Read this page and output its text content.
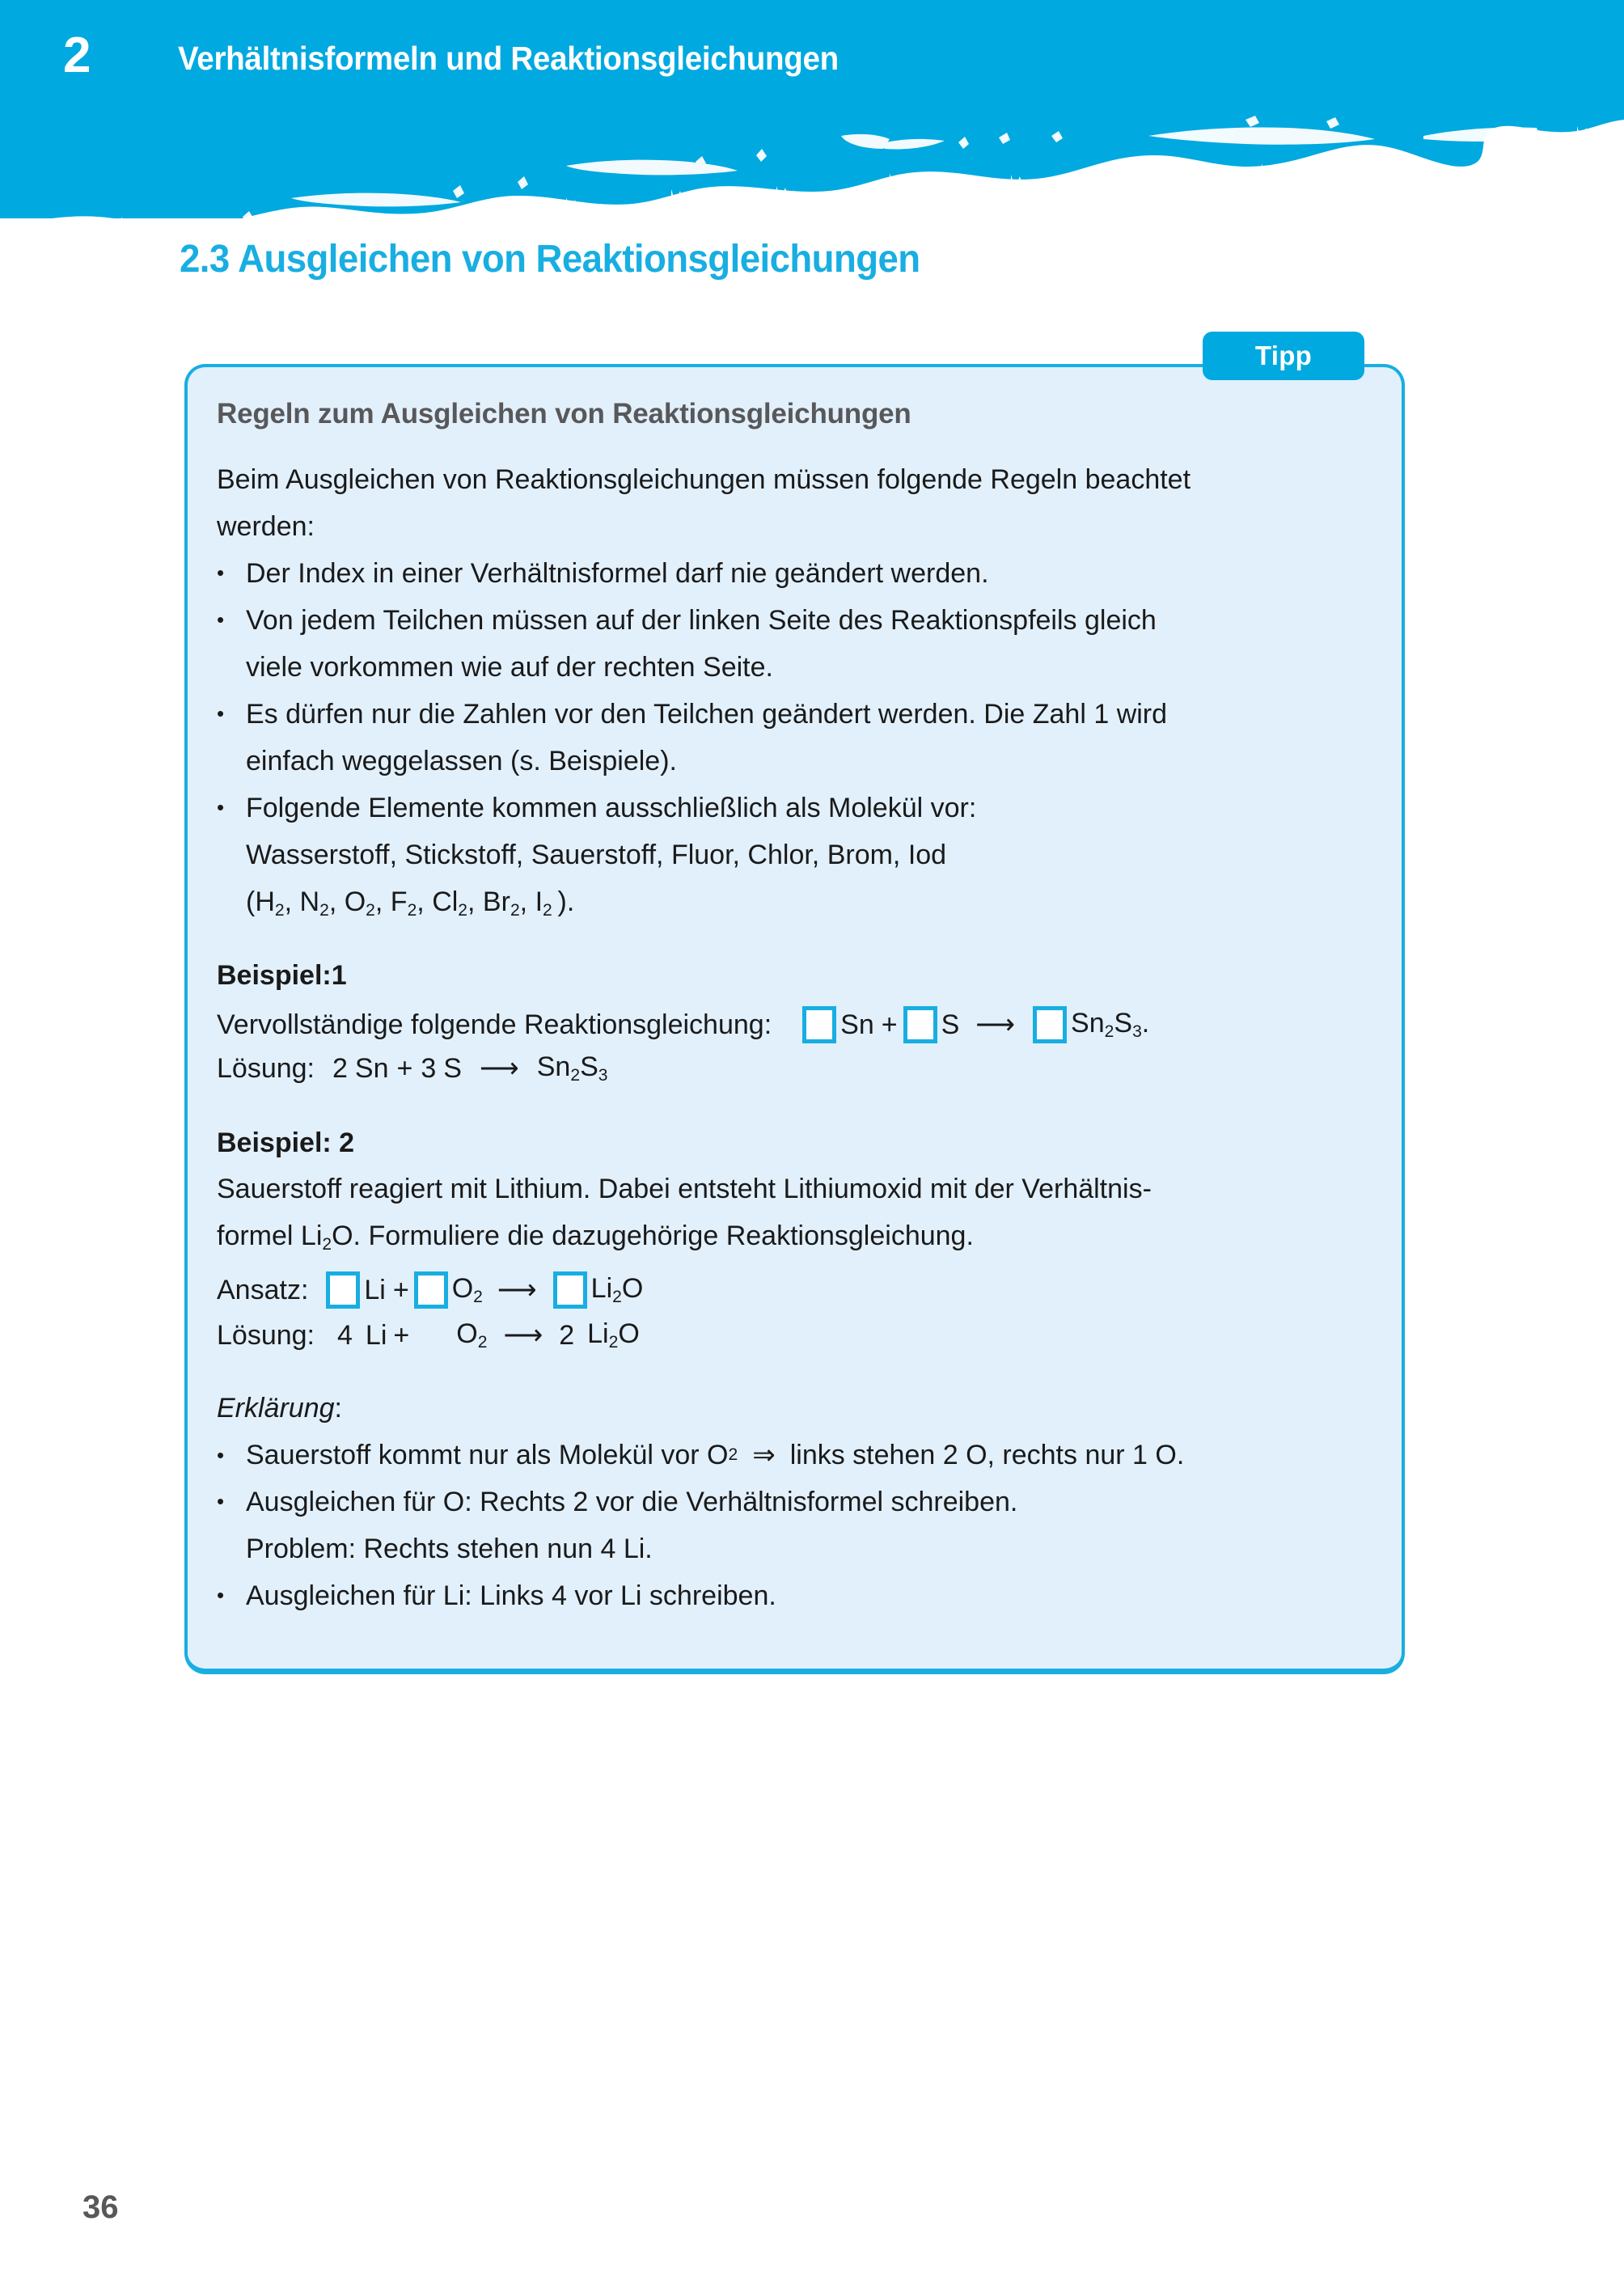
2	Verhältnisformeln und Reaktionsgleichungen
2.3 Ausgleichen von Reaktionsgleichungen
Regeln zum Ausgleichen von Reaktionsgleichungen
Beim Ausgleichen von Reaktionsgleichungen müssen folgende Regeln beachtet
werden:
• Der Index in einer Verhältnisformel darf nie geändert werden.
• Von jedem Teilchen müssen auf der linken Seite des Reaktionspfeils gleich
viele vorkommen wie auf der rechten Seite.
• Es dürfen nur die Zahlen vor den Teilchen geändert werden. Die Zahl 1 wird
einfach weggelassen (s. Beispiele).
• Folgende Elemente kommen ausschließlich als Molekül vor:
Wasserstoff, Stickstoff, Sauerstoff, Fluor, Chlor, Brom, Iod
($H_2$, $N_2$, $O_2$, $F_2$, $Cl_2$, $Br_2$, $I_2$ ).
Beispiel:1
Vervollständige folgende Reaktionsgleichung:	Sn + S ⟶	$Sn_2S_3$.
Lösung: 2 Sn + 3 S ⟶ $Sn_2S_3$
Beispiel: 2
Sauerstoff reagiert mit Lithium. Dabei entsteht Lithiumoxid mit der Verhältnis-
formel $Li_2O$. Formuliere die dazugehörige Reaktionsgleichung.
Ansatz: $Li + O_2$ ⟶	$Li_2O$
Lösung: 4 $Li + O_2$ ⟶ 2 $Li_2O$
Erklärung:
• Sauerstoff kommt nur als Molekül vor O 2 ⇒ links stehen 2 O, rechts nur 1 O.
• Ausgleichen für O: Rechts 2 vor die Verhältnisformel schreiben.
Problem: Rechts stehen nun 4 Li.
• Ausgleichen für Li: Links 4 vor Li schreiben.
Tipp
36
